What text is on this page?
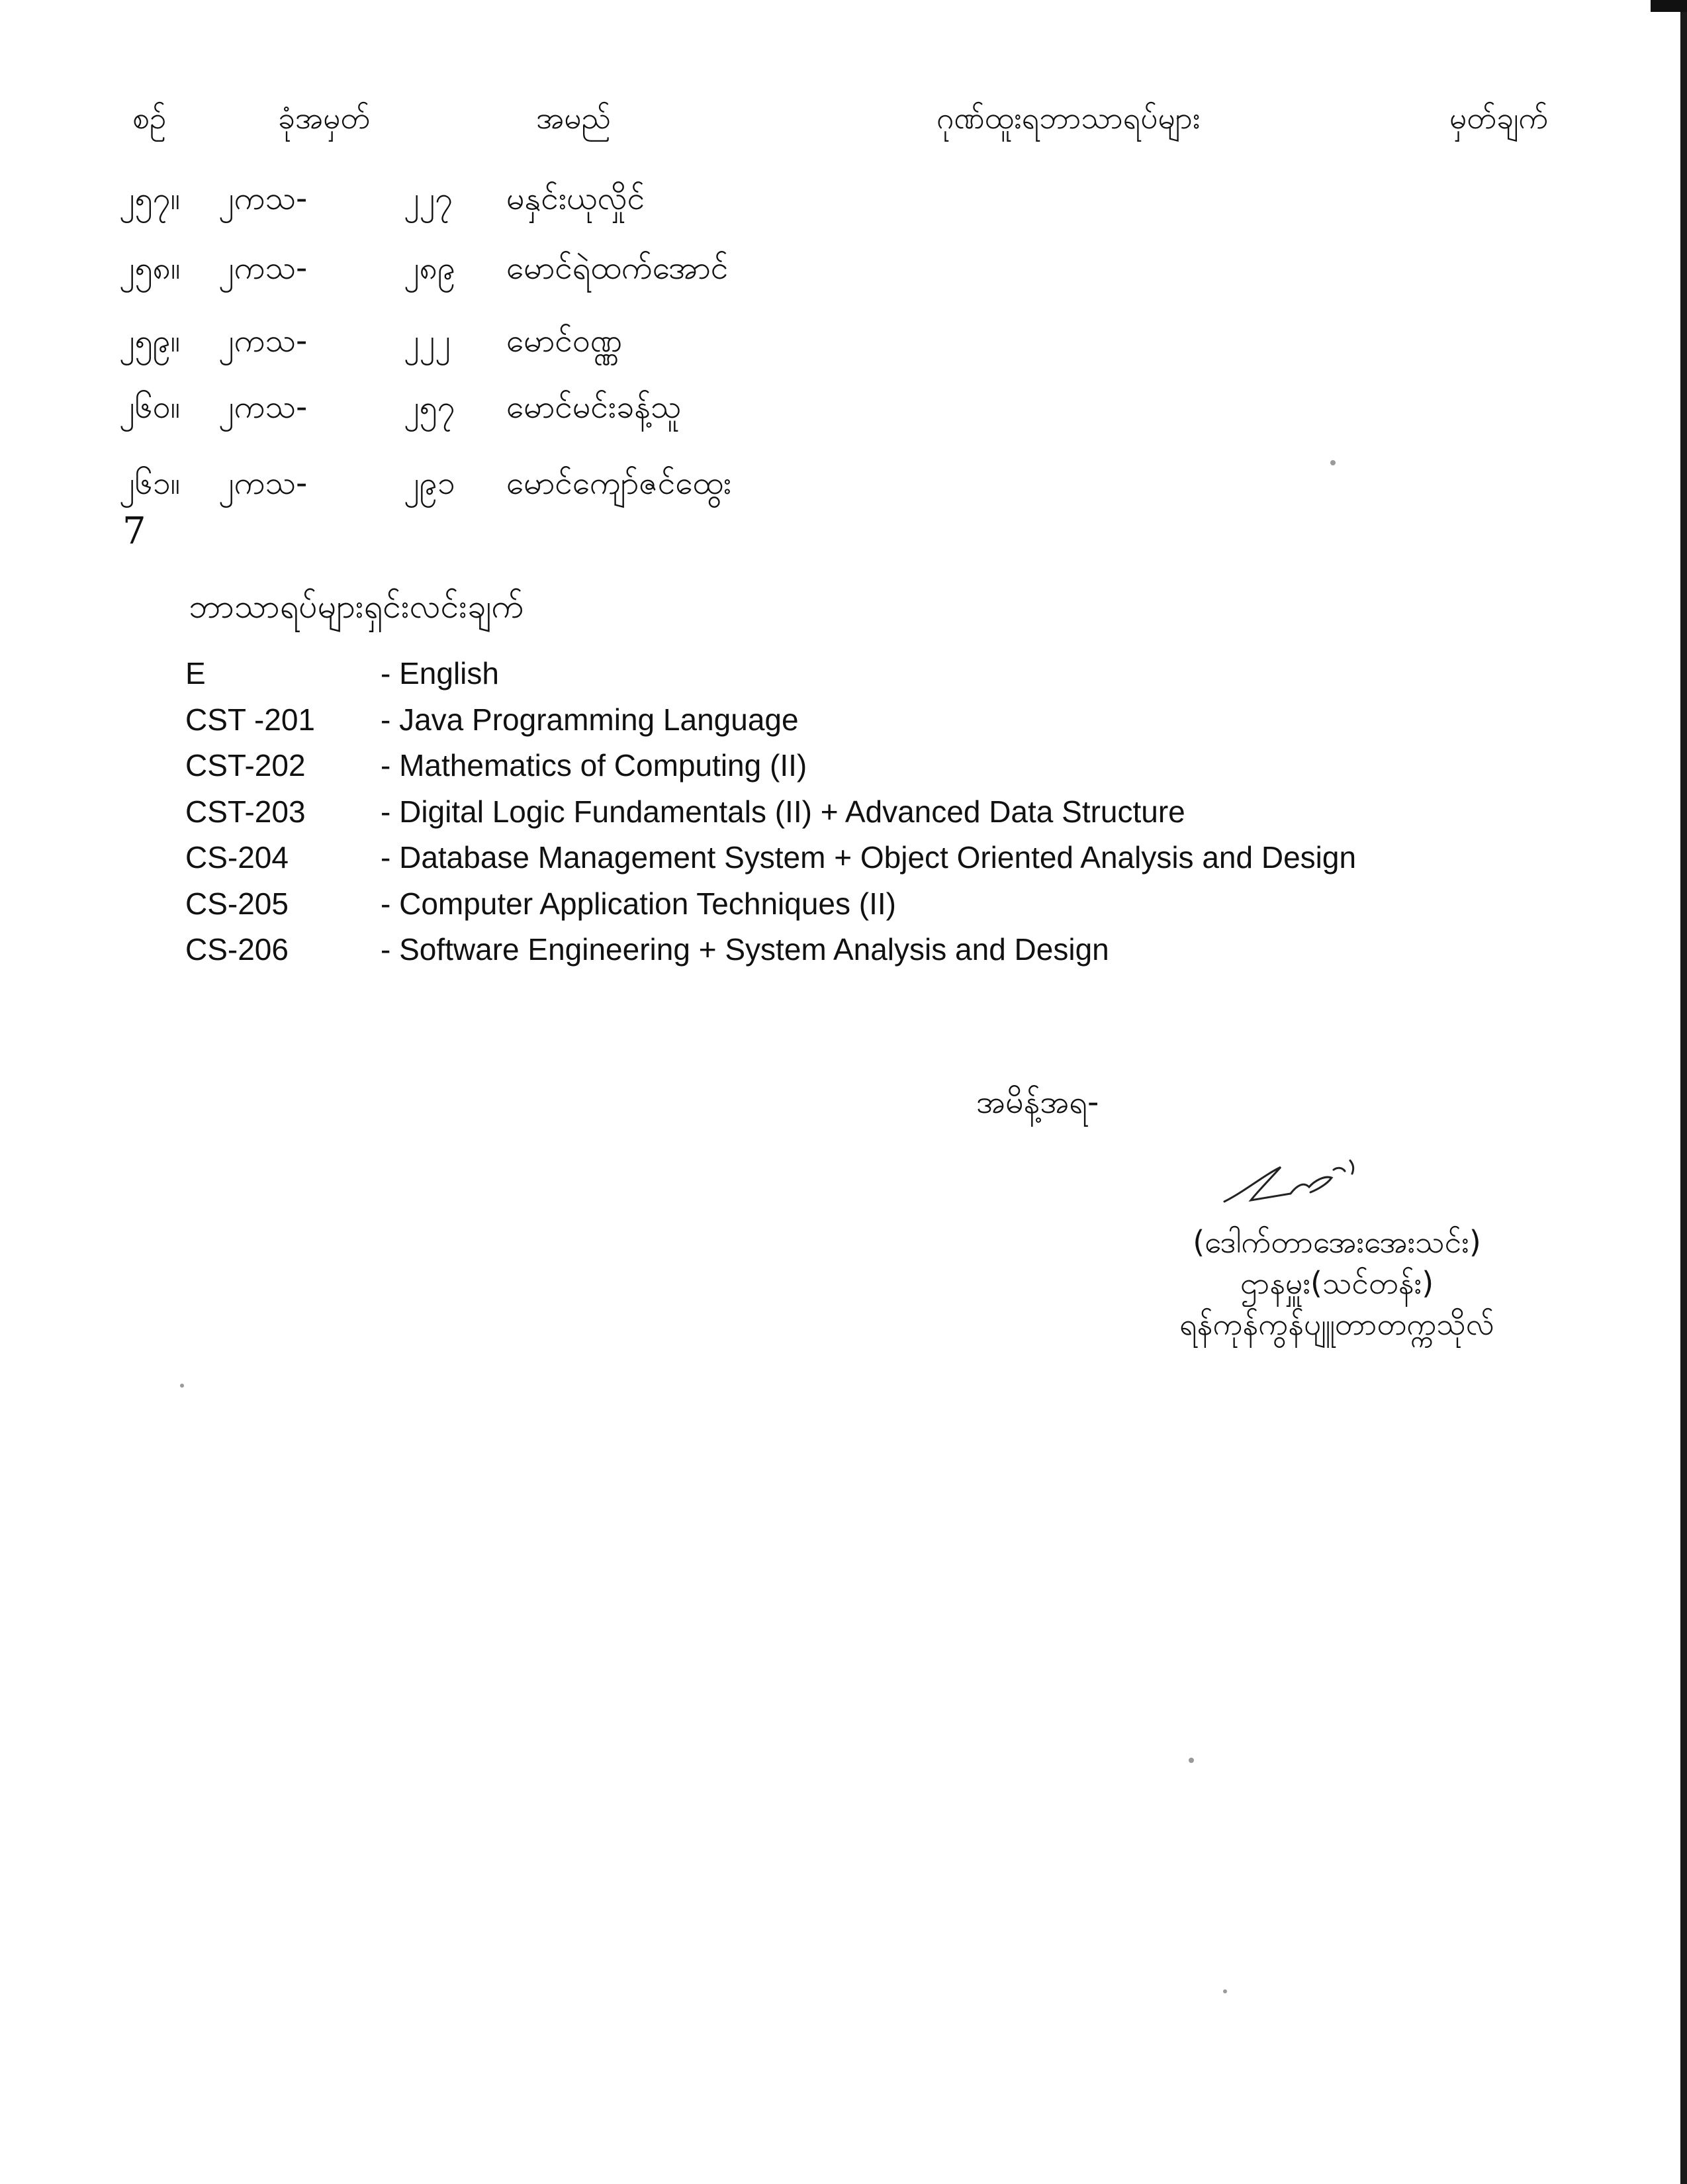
စဉ်	ခုံအမှတ်	အမည်	ဂုဏ်ထူးရဘာသာရပ်များ	မှတ်ချက်
၂၅၇။ ၂ကသ-	၂၂၇ မနှင်းယုလှိုင်
၂၅၈။ ၂ကသ-	၂၈၉ မောင်ရဲထက်အောင်
၂၅၉။ ၂ကသ-	၂၂၂ မောင်ဝဏ္ဏ
၂၆၀။ ၂ကသ-	၂၅၇ မောင်မင်းခန့်သူ
၂၆၁။ ၂ကသ-	၂၉၁ မောင်ကျော်ဇင်ထွေး
7
ဘာသာရပ်များရှင်းလင်းချက်
E	- English
CST -201 - Java Programming Language
CST-202 - Mathematics of Computing (II)
CST-203 - Digital Logic Fundamentals (II) + Advanced Data Structure
CS-204	- Database Management System + Object Oriented Analysis and Design
CS-205	- Computer Application Techniques (II)
CS-206	- Software Engineering + System Analysis and Design
အမိန့်အရ-
(ဒေါက်တာအေးအေးသင်း)
ဌာနမှူး(သင်တန်း)
ရန်ကုန်ကွန်ပျူတာတက္ကသိုလ်
